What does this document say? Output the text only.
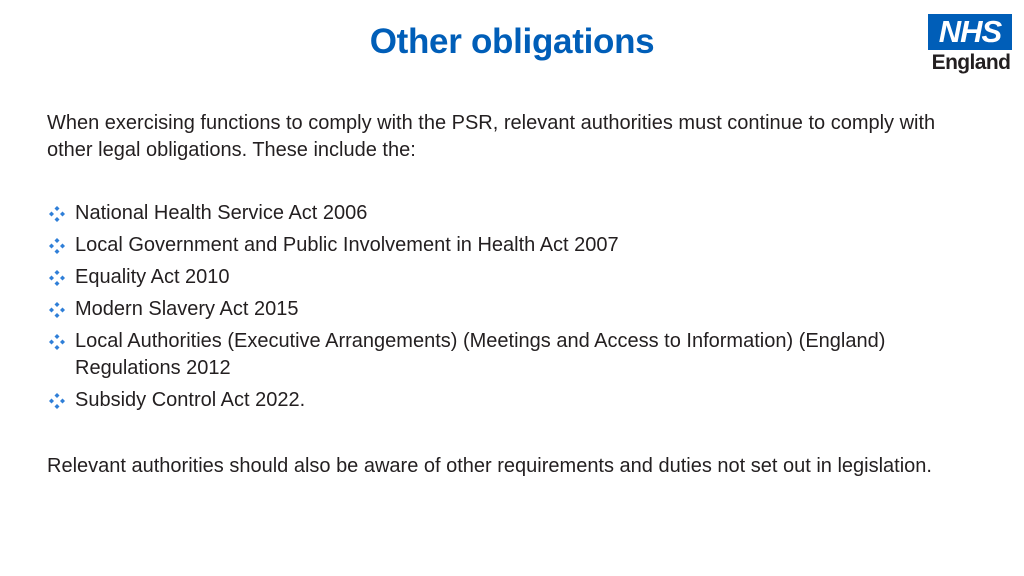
Other obligations	NHS
England

When exercising functions to comply with the PSR, relevant authorities must continue to comply with other legal obligations. These include the:

National Health Service Act 2006
Local Government and Public Involvement in Health Act 2007
Equality Act 2010
Modern Slavery Act 2015
Local Authorities (Executive Arrangements) (Meetings and Access to Information) (England) Regulations 2012
Subsidy Control Act 2022.

Relevant authorities should also be aware of other requirements and duties not set out in legislation.
